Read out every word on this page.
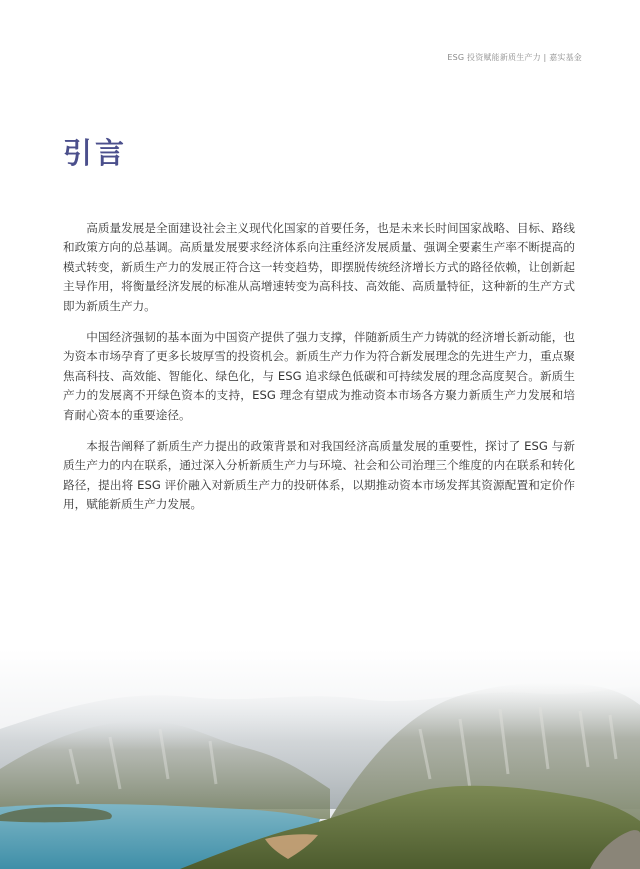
ESG 投资赋能新质生产力 | 嘉实基金
引言

高质量发展是全面建设社会主义现代化国家的首要任务，也是未来长时间国家战略、目标、路线和政策方向的总基调。高质量发展要求经济体系向注重经济发展质量、强调全要素生产率不断提高的模式转变，新质生产力的发展正符合这一转变趋势，即摆脱传统经济增长方式的路径依赖，让创新起主导作用，将衡量经济发展的标准从高增速转变为高科技、高效能、高质量特征，这种新的生产方式即为新质生产力。

中国经济强韧的基本面为中国资产提供了强力支撑，伴随新质生产力铸就的经济增长新动能，也为资本市场孕育了更多长坡厚雪的投资机会。新质生产力作为符合新发展理念的先进生产力，重点聚焦高科技、高效能、智能化、绿色化，与 ESG 追求绿色低碳和可持续发展的理念高度契合。新质生产力的发展离不开绿色资本的支持，ESG 理念有望成为推动资本市场各方聚力新质生产力发展和培育耐心资本的重要途径。

本报告阐释了新质生产力提出的政策背景和对我国经济高质量发展的重要性，探讨了 ESG 与新质生产力的内在联系，通过深入分析新质生产力与环境、社会和公司治理三个维度的内在联系和转化路径，提出将 ESG 评价融入对新质生产力的投研体系，以期推动资本市场发挥其资源配置和定价作用，赋能新质生产力发展。
